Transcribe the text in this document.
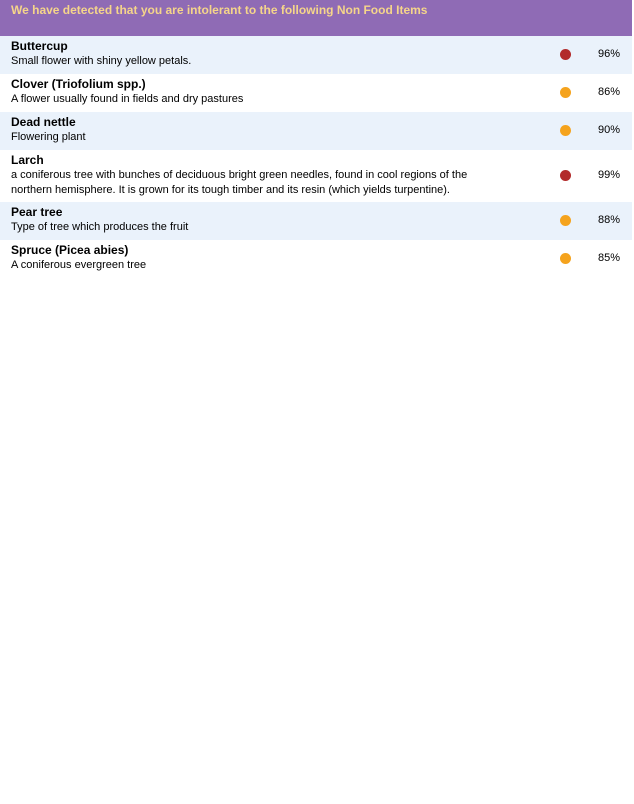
We have detected that you are intolerant to the following Non Food Items
Buttercup
Small flower with shiny yellow petals.
96%
Clover (Triofolium spp.)
A flower usually found in fields and dry pastures
86%
Dead nettle
Flowering plant
90%
Larch
a coniferous tree with bunches of deciduous bright green needles, found in cool regions of the northern hemisphere. It is grown for its tough timber and its resin (which yields turpentine).
99%
Pear tree
Type of tree which produces the fruit
88%
Spruce (Picea abies)
A coniferous evergreen tree
85%
